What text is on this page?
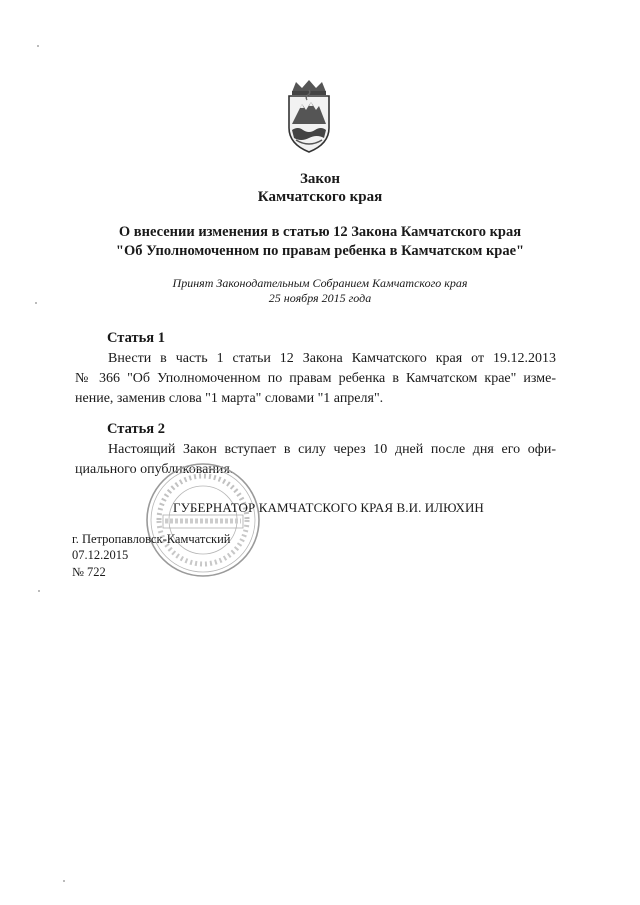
Закон
Камчатского края
О внесении изменения в статью 12 Закона Камчатского края
"Об Уполномоченном по правам ребенка в Камчатском крае"
Принят Законодательным Собранием Камчатского края
25 ноября 2015 года
Статья 1
Внести в часть 1 статьи 12 Закона Камчатского края от 19.12.2013
№ 366 "Об Уполномоченном по правам ребенка в Камчатском крае" изме-
нение, заменив слова "1 марта" словами "1 апреля".
Статья 2
Настоящий Закон вступает в силу через 10 дней после дня его офи-
циального опубликования.
ГУБЕРНАТОР КАМЧАТСКОГО КРАЯ В.И. ИЛЮХИН
г. Петропавловск-Камчатский
07.12.2015
№ 722
